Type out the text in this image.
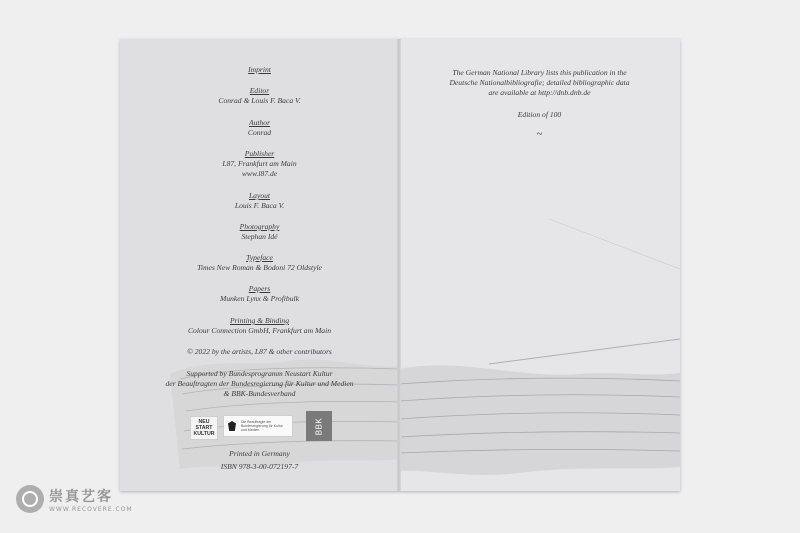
Imprint
Editor
Conrad & Louis F. Baca V.
Author
Conrad
Publisher
L87, Frankfurt am Main
www.l87.de
Layout
Louis F. Baca V.
Photography
Stephan Idé
Typeface
Times New Roman & Bodoni 72 Oldstyle
Papers
Munken Lynx & Profibulk
Printing & Binding
Colour Connection GmbH, Frankfurt am Main
© 2022 by the artists, L87 & other contributors
Supported by Bundesprogramm Neustart Kultur
der Beauftragten der Bundesregierung für Kultur und Medien
& BBK-Bundesverband
NEU
START
KULTUR
Die Beauftragte der Bundesregierung für Kultur und Medien	BBK
Printed in Germany
ISBN 978-3-00-072197-7
The German National Library lists this publication in the
Deutsche Nationalbibliografie; detailed bibliographic data
are available at http://dnb.dnb.de
Edition of 100
~
崇真艺客
WWW.RECOVERE.COM
